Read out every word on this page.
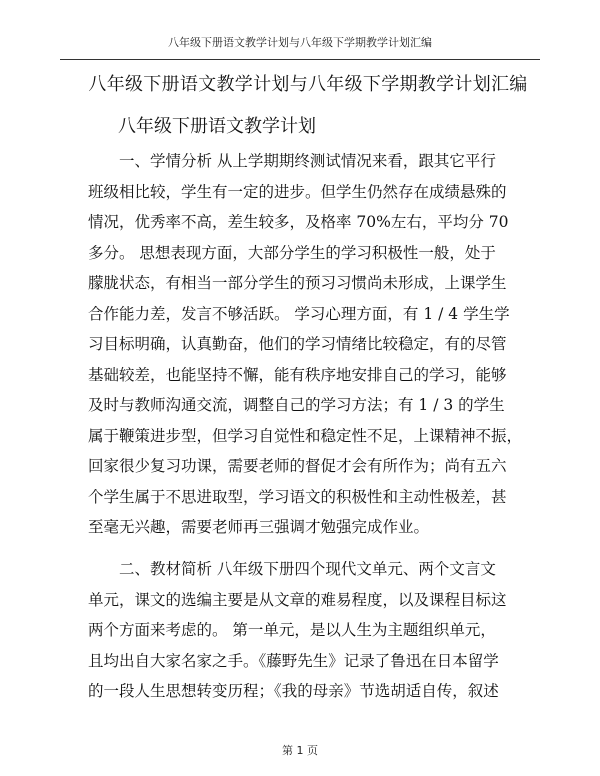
八年级下册语文教学计划与八年级下学期教学计划汇编
八年级下册语文教学计划与八年级下学期教学计划汇编
八年级下册语文教学计划
一、学情分析 从上学期期终测试情况来看，跟其它平行
班级相比较，学生有一定的进步。但学生仍然存在成绩悬殊的
情况，优秀率不高，差生较多，及格率 70%左右，平均分 70
多分。 思想表现方面，大部分学生的学习积极性一般，处于
朦胧状态，有相当一部分学生的预习习惯尚未形成，上课学生
合作能力差，发言不够活跃。 学习心理方面，有 1 / 4 学生学
习目标明确，认真勤奋，他们的学习情绪比较稳定，有的尽管
基础较差，也能坚持不懈，能有秩序地安排自己的学习，能够
及时与教师沟通交流，调整自己的学习方法；有 1 / 3 的学生
属于鞭策进步型，但学习自觉性和稳定性不足，上课精神不振，
回家很少复习功课，需要老师的督促才会有所作为；尚有五六
个学生属于不思进取型，学习语文的积极性和主动性极差，甚
至毫无兴趣，需要老师再三强调才勉强完成作业。
二、教材简析 八年级下册四个现代文单元、两个文言文
单元，课文的选编主要是从文章的难易程度，以及课程目标这
两个方面来考虑的。 第一单元，是以人生为主题组织单元，
且均出自大家名家之手。《藤野先生》记录了鲁迅在日本留学
的一段人生思想转变历程；《我的母亲》节选胡适自传，叙述
第 1 页
